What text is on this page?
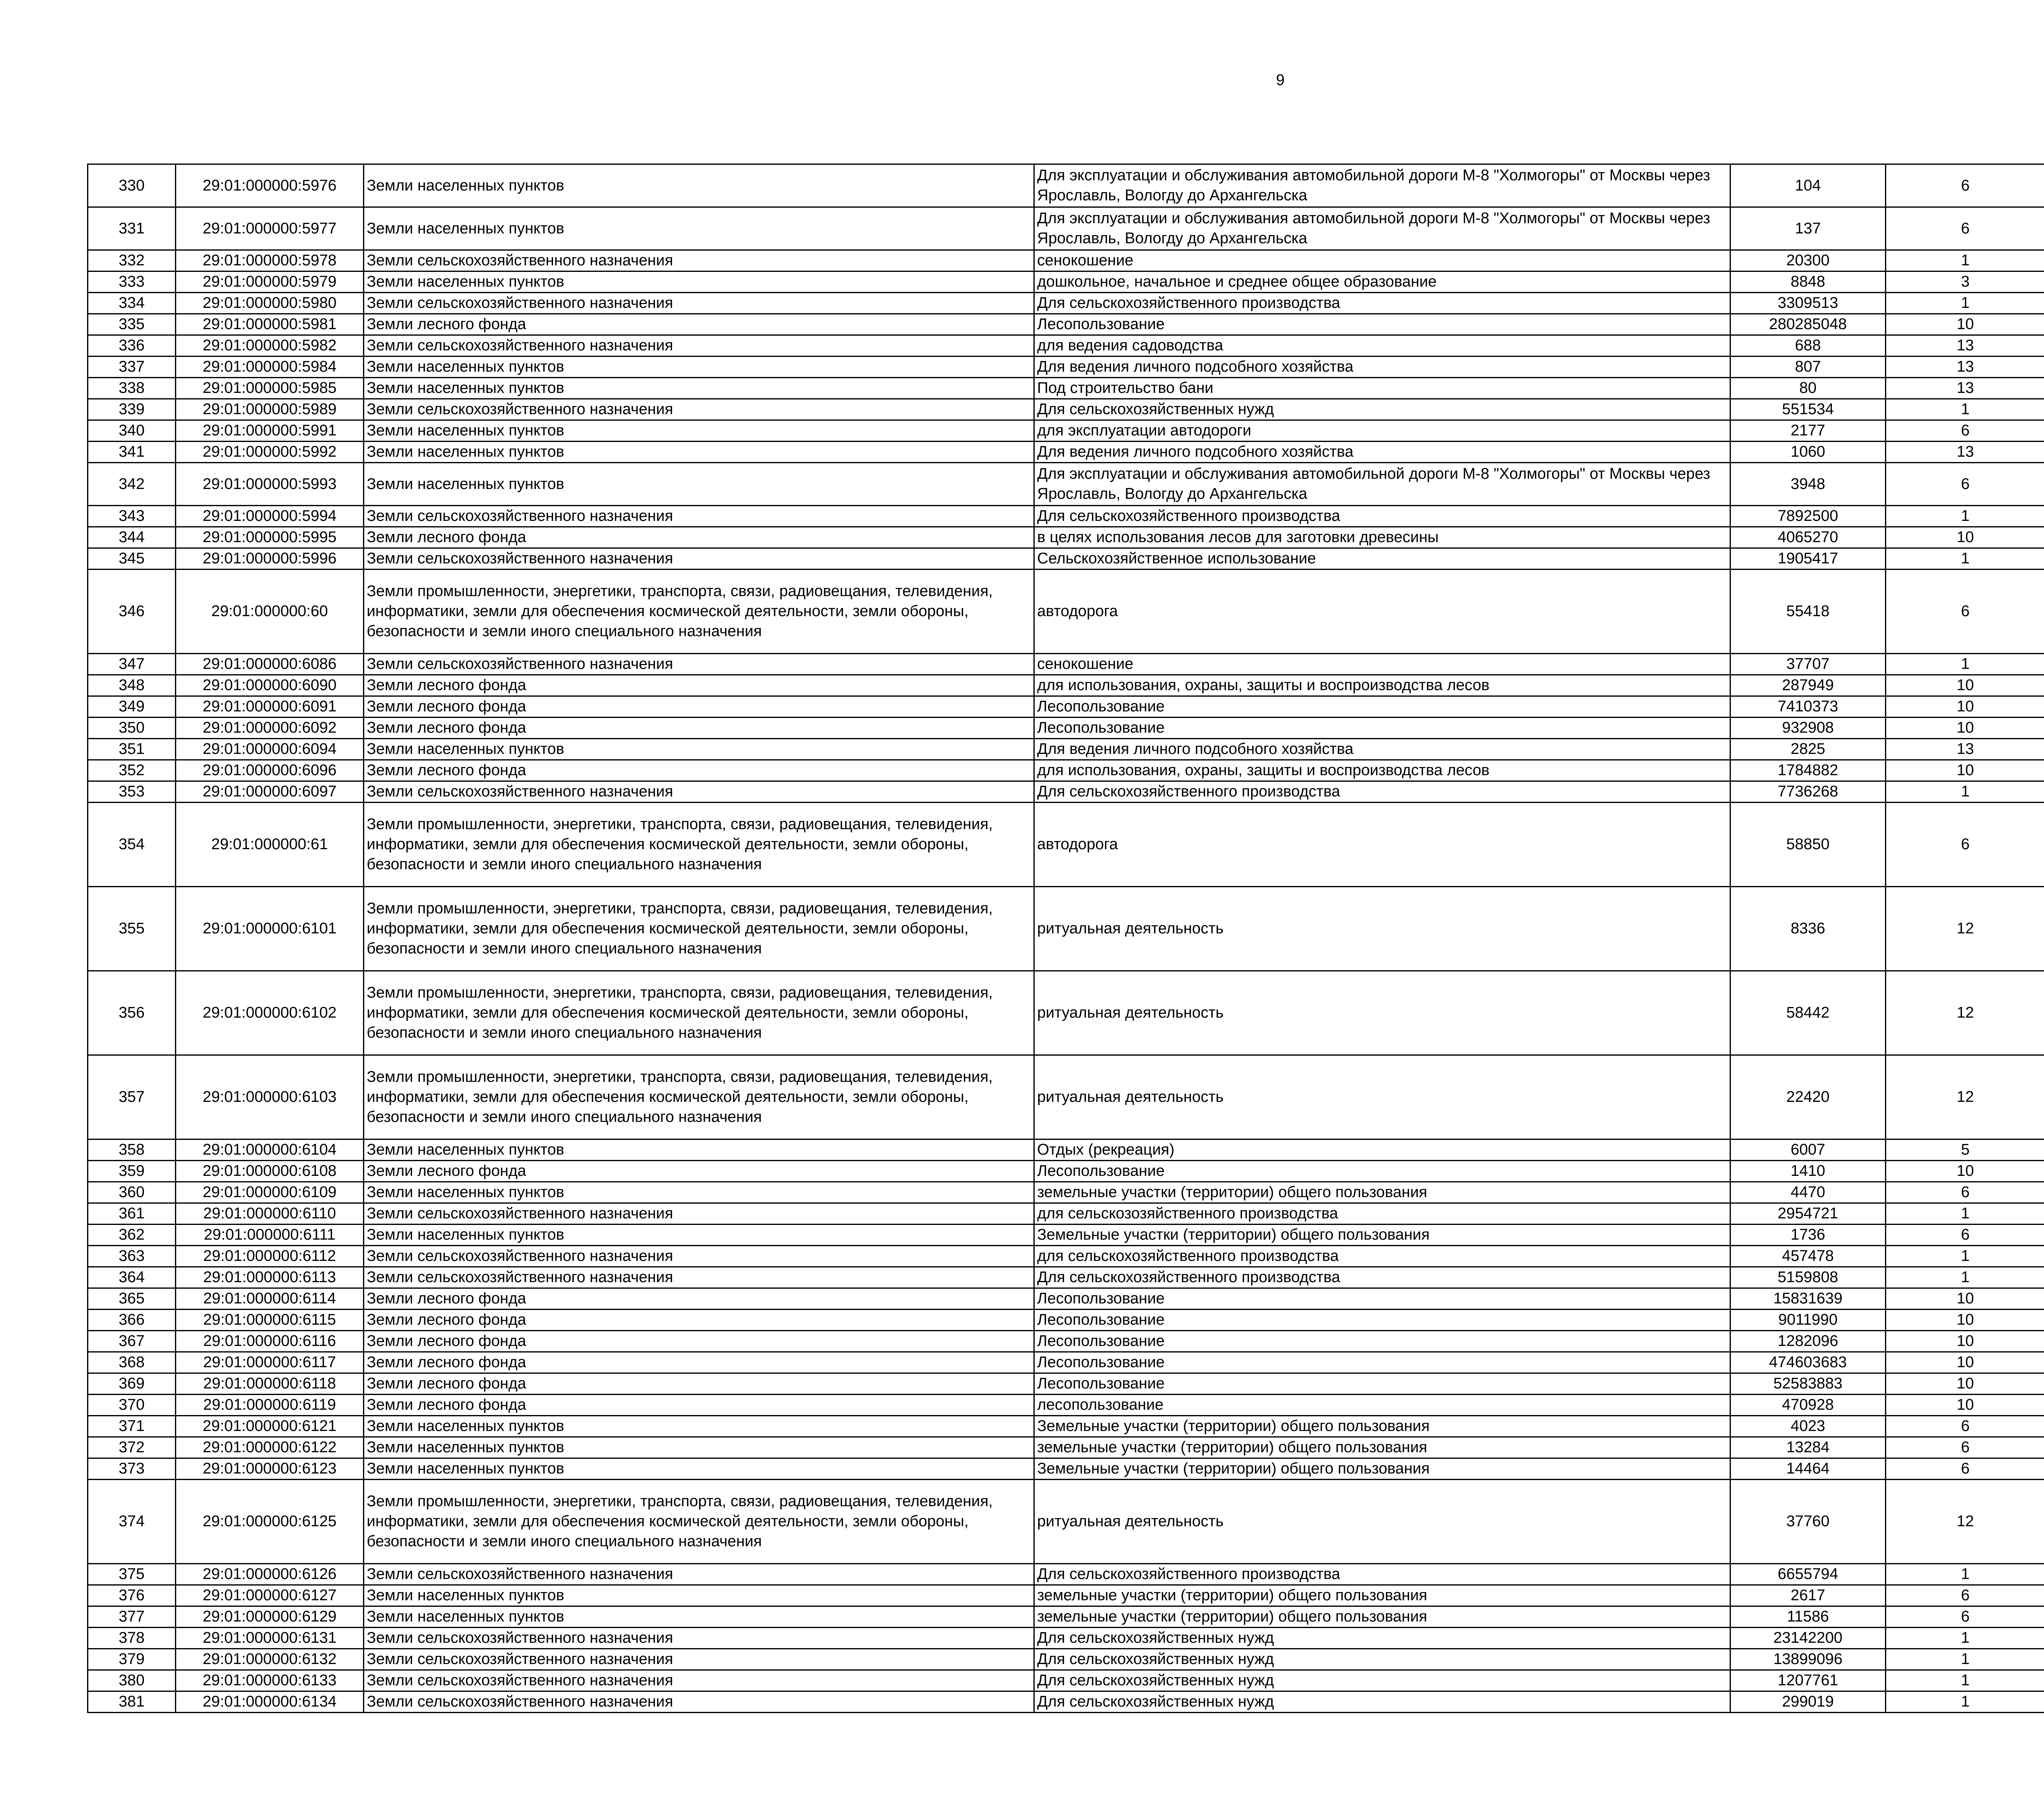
9
330	29:01:000000:5976	Земли населенных пунктов	Для эксплуатации и обслуживания автомобильной дороги М-8 "Холмогоры" от Москвы через Ярославль, Вологду до Архангельска	104	6		
331	29:01:000000:5977	Земли населенных пунктов	Для эксплуатации и обслуживания автомобильной дороги М-8 "Холмогоры" от Москвы через Ярославль, Вологду до Архангельска	137	6		
332	29:01:000000:5978	Земли сельскохозяйственного назначения	сенокошение	20300	1		
333	29:01:000000:5979	Земли населенных пунктов	дошкольное, начальное и среднее общее образование	8848	3		
334	29:01:000000:5980	Земли сельскохозяйственного назначения	Для сельскохозяйственного производства	3309513	1		
335	29:01:000000:5981	Земли лесного фонда	Лесопользование	280285048	10		
336	29:01:000000:5982	Земли сельскохозяйственного назначения	для ведения садоводства	688	13		
337	29:01:000000:5984	Земли населенных пунктов	Для ведения личного подсобного хозяйства	807	13		
338	29:01:000000:5985	Земли населенных пунктов	Под строительство бани	80	13		
339	29:01:000000:5989	Земли сельскохозяйственного назначения	Для сельскохозяйственных нужд	551534	1		
340	29:01:000000:5991	Земли населенных пунктов	для эксплуатации автодороги	2177	6		
341	29:01:000000:5992	Земли населенных пунктов	Для ведения личного подсобного хозяйства	1060	13		
342	29:01:000000:5993	Земли населенных пунктов	Для эксплуатации и обслуживания автомобильной дороги М-8 "Холмогоры" от Москвы через Ярославль, Вологду до Архангельска	3948	6		
343	29:01:000000:5994	Земли сельскохозяйственного назначения	Для сельскохозяйственного производства	7892500	1		
344	29:01:000000:5995	Земли лесного фонда	в целях использования лесов для заготовки древесины	4065270	10		
345	29:01:000000:5996	Земли сельскохозяйственного назначения	Сельскохозяйственное использование	1905417	1		
346	29:01:000000:60	Земли промышленности, энергетики, транспорта, связи, радиовещания, телевидения, информатики, земли для обеспечения космической деятельности, земли обороны, безопасности и земли иного специального назначения	автодорога	55418	6		
347	29:01:000000:6086	Земли сельскохозяйственного назначения	сенокошение	37707	1		
348	29:01:000000:6090	Земли лесного фонда	для использования, охраны, защиты и воспроизводства лесов	287949	10		
349	29:01:000000:6091	Земли лесного фонда	Лесопользование	7410373	10		
350	29:01:000000:6092	Земли лесного фонда	Лесопользование	932908	10		
351	29:01:000000:6094	Земли населенных пунктов	Для ведения личного подсобного хозяйства	2825	13		
352	29:01:000000:6096	Земли лесного фонда	для использования, охраны, защиты и воспроизводства лесов	1784882	10		
353	29:01:000000:6097	Земли сельскохозяйственного назначения	Для сельскохозяйственного производства	7736268	1		
354	29:01:000000:61	Земли промышленности, энергетики, транспорта, связи, радиовещания, телевидения, информатики, земли для обеспечения космической деятельности, земли обороны, безопасности и земли иного специального назначения	автодорога	58850	6		
355	29:01:000000:6101	Земли промышленности, энергетики, транспорта, связи, радиовещания, телевидения, информатики, земли для обеспечения космической деятельности, земли обороны, безопасности и земли иного специального назначения	ритуальная деятельность	8336	12		
356	29:01:000000:6102	Земли промышленности, энергетики, транспорта, связи, радиовещания, телевидения, информатики, земли для обеспечения космической деятельности, земли обороны, безопасности и земли иного специального назначения	ритуальная деятельность	58442	12		
357	29:01:000000:6103	Земли промышленности, энергетики, транспорта, связи, радиовещания, телевидения, информатики, земли для обеспечения космической деятельности, земли обороны, безопасности и земли иного специального назначения	ритуальная деятельность	22420	12		
358	29:01:000000:6104	Земли населенных пунктов	Отдых (рекреация)	6007	5		
359	29:01:000000:6108	Земли лесного фонда	Лесопользование	1410	10		
360	29:01:000000:6109	Земли населенных пунктов	земельные участки (территории) общего пользования	4470	6		
361	29:01:000000:6110	Земли сельскохозяйственного назначения	для сельскозозяйственного производства	2954721	1		
362	29:01:000000:6111	Земли населенных пунктов	Земельные участки (территории) общего пользования	1736	6		
363	29:01:000000:6112	Земли сельскохозяйственного назначения	для сельскохозяйственного производства	457478	1		
364	29:01:000000:6113	Земли сельскохозяйственного назначения	Для сельскохозяйственного производства	5159808	1		
365	29:01:000000:6114	Земли лесного фонда	Лесопользование	15831639	10		
366	29:01:000000:6115	Земли лесного фонда	Лесопользование	9011990	10		
367	29:01:000000:6116	Земли лесного фонда	Лесопользование	1282096	10		
368	29:01:000000:6117	Земли лесного фонда	Лесопользование	474603683	10		
369	29:01:000000:6118	Земли лесного фонда	Лесопользование	52583883	10		
370	29:01:000000:6119	Земли лесного фонда	лесопользование	470928	10		
371	29:01:000000:6121	Земли населенных пунктов	Земельные участки (территории) общего пользования	4023	6		
372	29:01:000000:6122	Земли населенных пунктов	земельные участки (территории) общего пользования	13284	6		
373	29:01:000000:6123	Земли населенных пунктов	Земельные участки (территории) общего пользования	14464	6		
374	29:01:000000:6125	Земли промышленности, энергетики, транспорта, связи, радиовещания, телевидения, информатики, земли для обеспечения космической деятельности, земли обороны, безопасности и земли иного специального назначения	ритуальная деятельность	37760	12		
375	29:01:000000:6126	Земли сельскохозяйственного назначения	Для сельскохозяйственного производства	6655794	1		
376	29:01:000000:6127	Земли населенных пунктов	земельные участки (территории) общего пользования	2617	6		
377	29:01:000000:6129	Земли населенных пунктов	земельные участки (территории) общего пользования	11586	6		
378	29:01:000000:6131	Земли сельскохозяйственного назначения	Для сельскохозяйственных нужд	23142200	1		
379	29:01:000000:6132	Земли сельскохозяйственного назначения	Для сельскохозяйственных нужд	13899096	1		
380	29:01:000000:6133	Земли сельскохозяйственного назначения	Для сельскохозяйственных нужд	1207761	1		
381	29:01:000000:6134	Земли сельскохозяйственного назначения	Для сельскохозяйственных нужд	299019	1		
